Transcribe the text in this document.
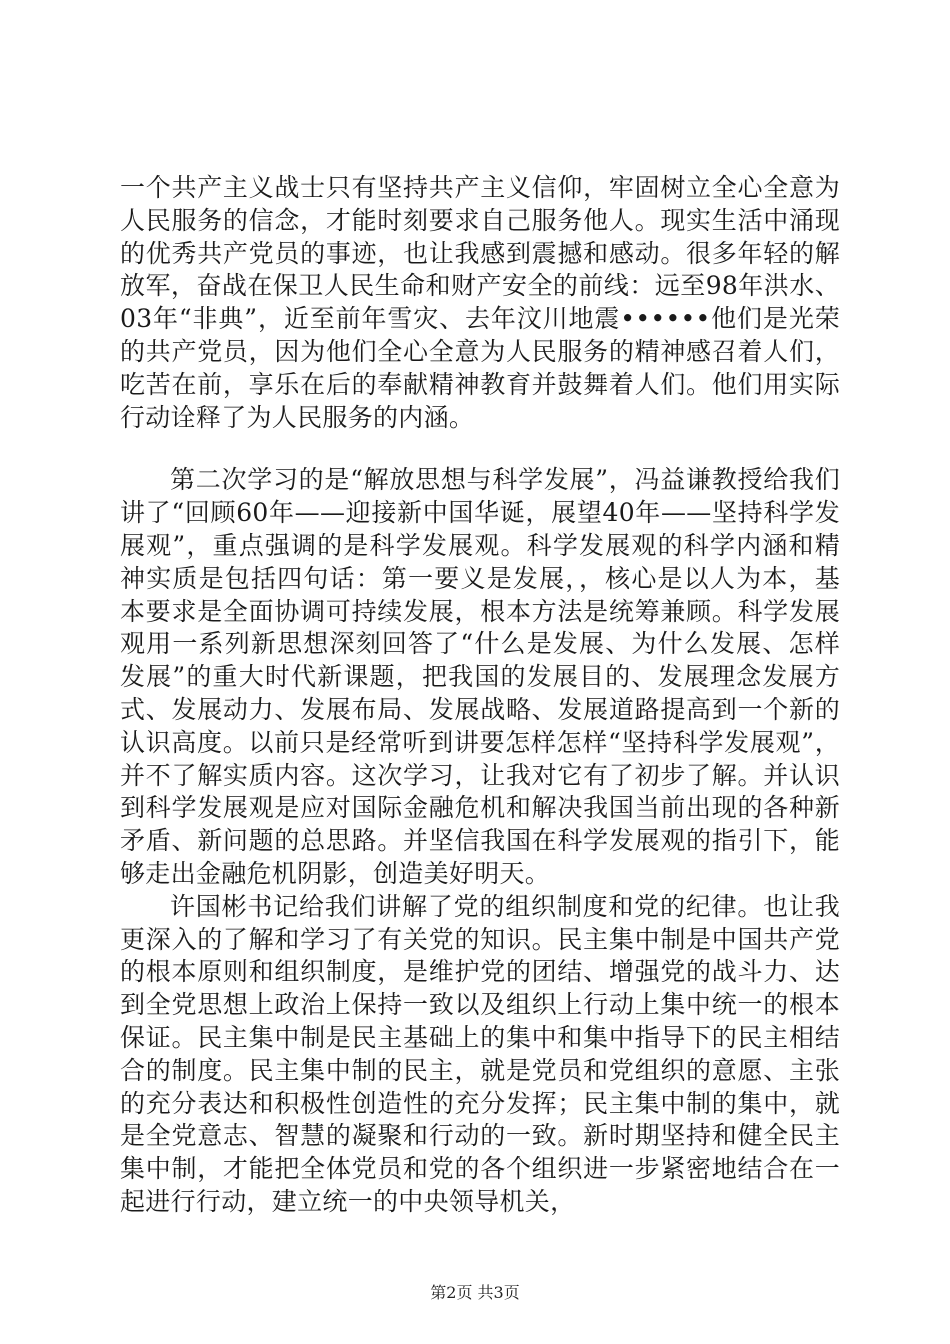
一个共产主义战士只有坚持共产主义信仰，牢固树立全心全意为人民服务的信念，才能时刻要求自己服务他人。现实生活中涌现的优秀共产党员的事迹，也让我感到震撼和感动。很多年轻的解放军，奋战在保卫人民生命和财产安全的前线：远至98年洪水、03年“非典”，近至前年雪灾、去年汶川地震••••••他们是光荣的共产党员，因为他们全心全意为人民服务的精神感召着人们，吃苦在前，享乐在后的奉献精神教育并鼓舞着人们。他们用实际行动诠释了为人民服务的内涵。

第二次学习的是“解放思想与科学发展”，冯益谦教授给我们讲了“回顾60年——迎接新中国华诞，展望40年——坚持科学发展观”，重点强调的是科学发展观。科学发展观的科学内涵和精神实质是包括四句话：第一要义是发展，，核心是以人为本，基本要求是全面协调可持续发展，根本方法是统筹兼顾。科学发展观用一系列新思想深刻回答了“什么是发展、为什么发展、怎样发展”的重大时代新课题，把我国的发展目的、发展理念发展方式、发展动力、发展布局、发展战略、发展道路提高到一个新的认识高度。以前只是经常听到讲要怎样怎样“坚持科学发展观”，并不了解实质内容。这次学习，让我对它有了初步了解。并认识到科学发展观是应对国际金融危机和解决我国当前出现的各种新矛盾、新问题的总思路。并坚信我国在科学发展观的指引下，能够走出金融危机阴影，创造美好明天。

许国彬书记给我们讲解了党的组织制度和党的纪律。也让我更深入的了解和学习了有关党的知识。民主集中制是中国共产党的根本原则和组织制度，是维护党的团结、增强党的战斗力、达到全党思想上政治上保持一致以及组织上行动上集中统一的根本保证。民主集中制是民主基础上的集中和集中指导下的民主相结合的制度。民主集中制的民主，就是党员和党组织的意愿、主张的充分表达和积极性创造性的充分发挥；民主集中制的集中，就是全党意志、智慧的凝聚和行动的一致。新时期坚持和健全民主集中制，才能把全体党员和党的各个组织进一步紧密地结合在一起进行行动，建立统一的中央领导机关，

第2页 共3页
